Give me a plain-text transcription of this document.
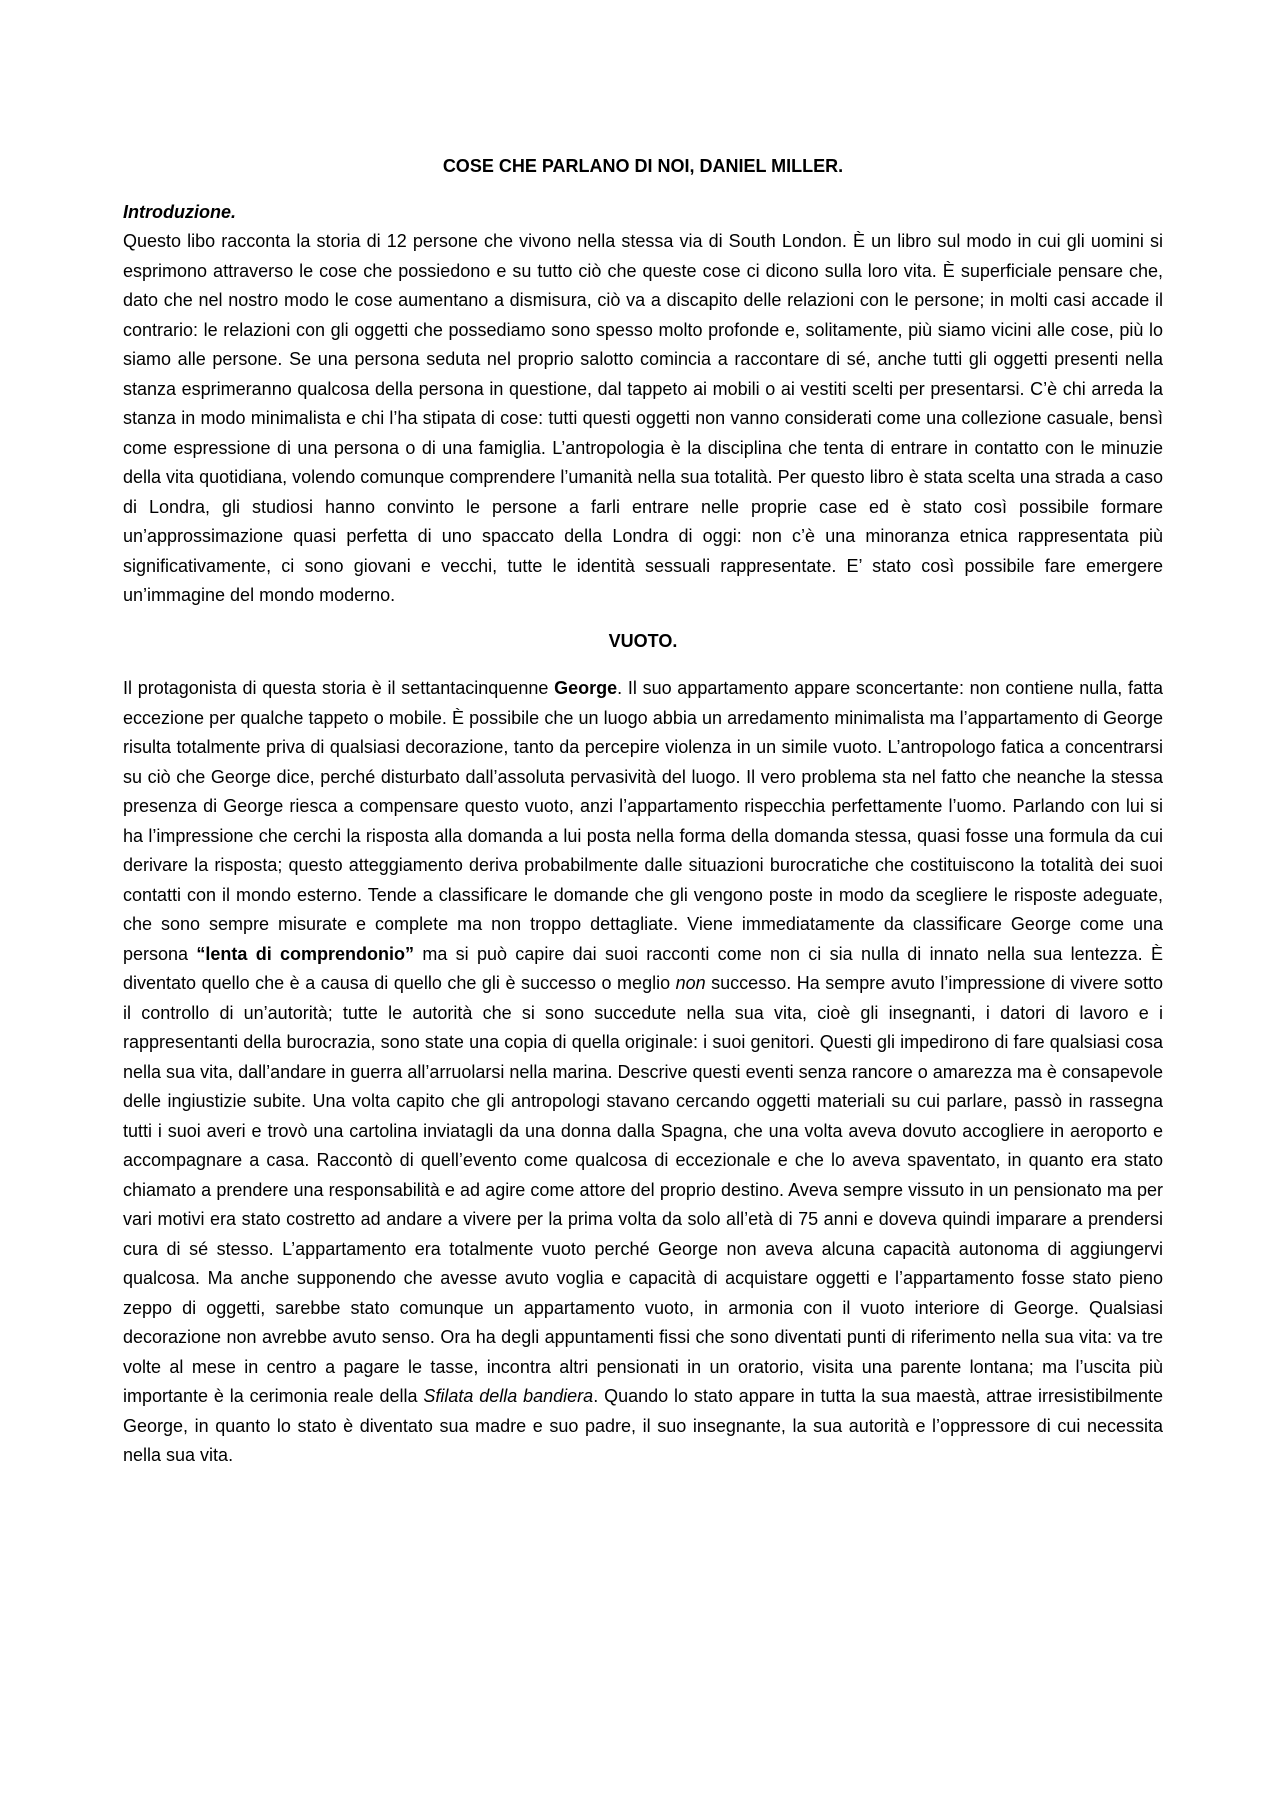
COSE CHE PARLANO DI NOI, DANIEL MILLER.

Introduzione.

Questo libo racconta la storia di 12 persone che vivono nella stessa via di South London. È un libro sul modo in cui gli uomini si esprimono attraverso le cose che possiedono e su tutto ciò che queste cose ci dicono sulla loro vita. È superficiale pensare che, dato che nel nostro modo le cose aumentano a dismisura, ciò va a discapito delle relazioni con le persone; in molti casi accade il contrario: le relazioni con gli oggetti che possediamo sono spesso molto profonde e, solitamente, più siamo vicini alle cose, più lo siamo alle persone. Se una persona seduta nel proprio salotto comincia a raccontare di sé, anche tutti gli oggetti presenti nella stanza esprimeranno qualcosa della persona in questione, dal tappeto ai mobili o ai vestiti scelti per presentarsi. C’è chi arreda la stanza in modo minimalista e chi l’ha stipata di cose: tutti questi oggetti non vanno considerati come una collezione casuale, bensì come espressione di una persona o di una famiglia. L’antropologia è la disciplina che tenta di entrare in contatto con le minuzie della vita quotidiana, volendo comunque comprendere l’umanità nella sua totalità. Per questo libro è stata scelta una strada a caso di Londra, gli studiosi hanno convinto le persone a farli entrare nelle proprie case ed è stato così possibile formare un’approssimazione quasi perfetta di uno spaccato della Londra di oggi: non c’è una minoranza etnica rappresentata più significativamente, ci sono giovani e vecchi, tutte le identità sessuali rappresentate. E’ stato così possibile fare emergere un’immagine del mondo moderno.

VUOTO.

Il protagonista di questa storia è il settantacinquenne George. Il suo appartamento appare sconcertante: non contiene nulla, fatta eccezione per qualche tappeto o mobile. È possibile che un luogo abbia un arredamento minimalista ma l’appartamento di George risulta totalmente priva di qualsiasi decorazione, tanto da percepire violenza in un simile vuoto. L’antropologo fatica a concentrarsi su ciò che George dice, perché disturbato dall’assoluta pervasività del luogo. Il vero problema sta nel fatto che neanche la stessa presenza di George riesca a compensare questo vuoto, anzi l’appartamento rispecchia perfettamente l’uomo. Parlando con lui si ha l’impressione che cerchi la risposta alla domanda a lui posta nella forma della domanda stessa, quasi fosse una formula da cui derivare la risposta; questo atteggiamento deriva probabilmente dalle situazioni burocratiche che costituiscono la totalità dei suoi contatti con il mondo esterno. Tende a classificare le domande che gli vengono poste in modo da scegliere le risposte adeguate, che sono sempre misurate e complete ma non troppo dettagliate. Viene immediatamente da classificare George come una persona “lenta di comprendonio” ma si può capire dai suoi racconti come non ci sia nulla di innato nella sua lentezza. È diventato quello che è a causa di quello che gli è successo o meglio non successo. Ha sempre avuto l’impressione di vivere sotto il controllo di un’autorità; tutte le autorità che si sono succedute nella sua vita, cioè gli insegnanti, i datori di lavoro e i rappresentanti della burocrazia, sono state una copia di quella originale: i suoi genitori. Questi gli impedirono di fare qualsiasi cosa nella sua vita, dall’andare in guerra all’arruolarsi nella marina. Descrive questi eventi senza rancore o amarezza ma è consapevole delle ingiustizie subite. Una volta capito che gli antropologi stavano cercando oggetti materiali su cui parlare, passò in rassegna tutti i suoi averi e trovò una cartolina inviatagli da una donna dalla Spagna, che una volta aveva dovuto accogliere in aeroporto e accompagnare a casa. Raccontò di quell’evento come qualcosa di eccezionale e che lo aveva spaventato, in quanto era stato chiamato a prendere una responsabilità e ad agire come attore del proprio destino. Aveva sempre vissuto in un pensionato ma per vari motivi era stato costretto ad andare a vivere per la prima volta da solo all’età di 75 anni e doveva quindi imparare a prendersi cura di sé stesso. L’appartamento era totalmente vuoto perché George non aveva alcuna capacità autonoma di aggiungervi qualcosa. Ma anche supponendo che avesse avuto voglia e capacità di acquistare oggetti e l’appartamento fosse stato pieno zeppo di oggetti, sarebbe stato comunque un appartamento vuoto, in armonia con il vuoto interiore di George. Qualsiasi decorazione non avrebbe avuto senso. Ora ha degli appuntamenti fissi che sono diventati punti di riferimento nella sua vita: va tre volte al mese in centro a pagare le tasse, incontra altri pensionati in un oratorio, visita una parente lontana; ma l’uscita più importante è la cerimonia reale della Sfilata della bandiera. Quando lo stato appare in tutta la sua maestà, attrae irresistibilmente George, in quanto lo stato è diventato sua madre e suo padre, il suo insegnante, la sua autorità e l’oppressore di cui necessita nella sua vita.
